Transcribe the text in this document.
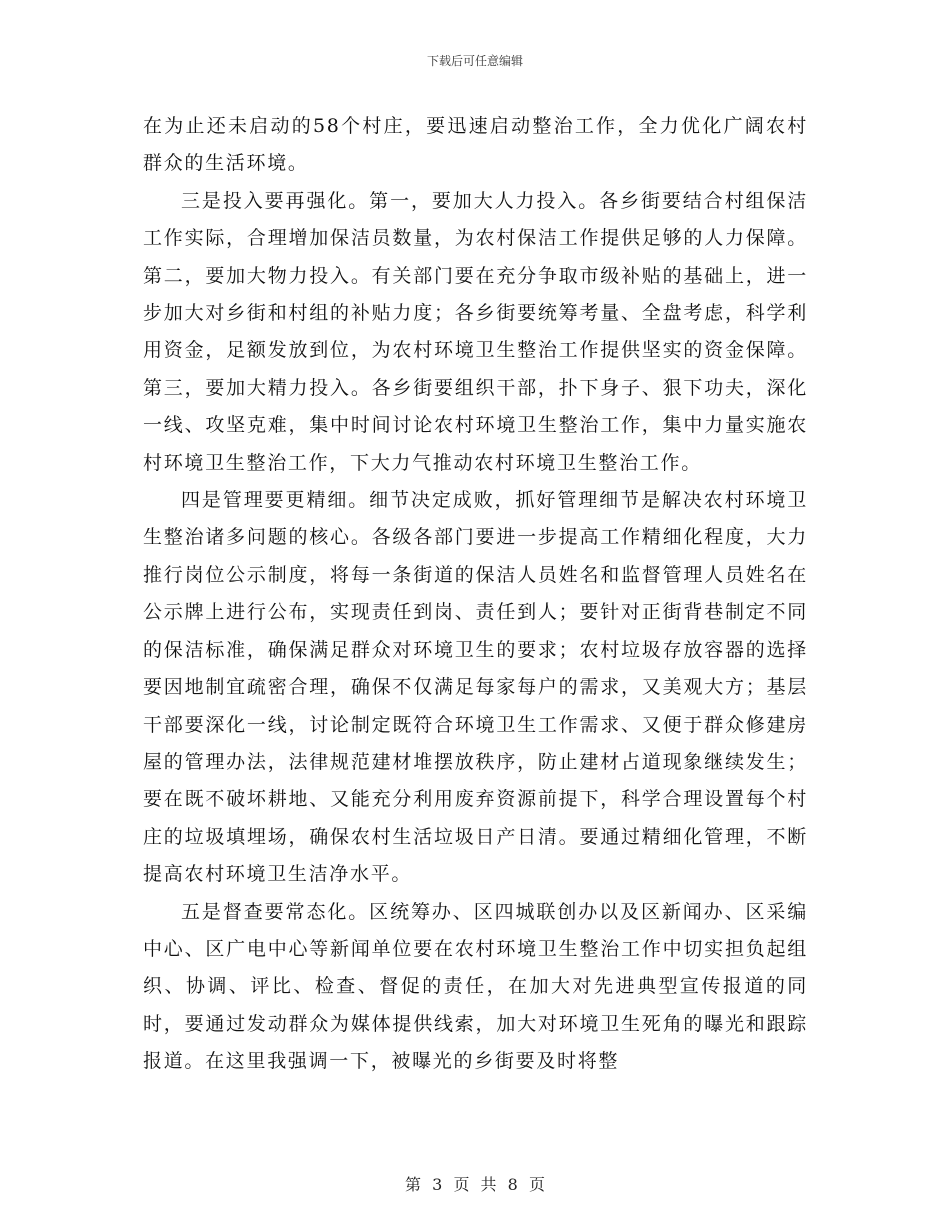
下载后可任意编辑

在为止还未启动的58个村庄，要迅速启动整治工作，全力优化广阔农村群众的生活环境。

三是投入要再强化。第一，要加大人力投入。各乡街要结合村组保洁工作实际，合理增加保洁员数量，为农村保洁工作提供足够的人力保障。第二，要加大物力投入。有关部门要在充分争取市级补贴的基础上，进一步加大对乡街和村组的补贴力度；各乡街要统筹考量、全盘考虑，科学利用资金，足额发放到位，为农村环境卫生整治工作提供坚实的资金保障。第三，要加大精力投入。各乡街要组织干部，扑下身子、狠下功夫，深化一线、攻坚克难，集中时间讨论农村环境卫生整治工作，集中力量实施农村环境卫生整治工作，下大力气推动农村环境卫生整治工作。

四是管理要更精细。细节决定成败，抓好管理细节是解决农村环境卫生整治诸多问题的核心。各级各部门要进一步提高工作精细化程度，大力推行岗位公示制度，将每一条街道的保洁人员姓名和监督管理人员姓名在公示牌上进行公布，实现责任到岗、责任到人；要针对正街背巷制定不同的保洁标准，确保满足群众对环境卫生的要求；农村垃圾存放容器的选择要因地制宜疏密合理，确保不仅满足每家每户的需求，又美观大方；基层干部要深化一线，讨论制定既符合环境卫生工作需求、又便于群众修建房屋的管理办法，法律规范建材堆摆放秩序，防止建材占道现象继续发生；要在既不破坏耕地、又能充分利用废弃资源前提下，科学合理设置每个村庄的垃圾填埋场，确保农村生活垃圾日产日清。要通过精细化管理，不断提高农村环境卫生洁净水平。

五是督查要常态化。区统筹办、区四城联创办以及区新闻办、区采编中心、区广电中心等新闻单位要在农村环境卫生整治工作中切实担负起组织、协调、评比、检查、督促的责任，在加大对先进典型宣传报道的同时，要通过发动群众为媒体提供线索，加大对环境卫生死角的曝光和跟踪报道。在这里我强调一下，被曝光的乡街要及时将整

第 3 页 共 8 页
